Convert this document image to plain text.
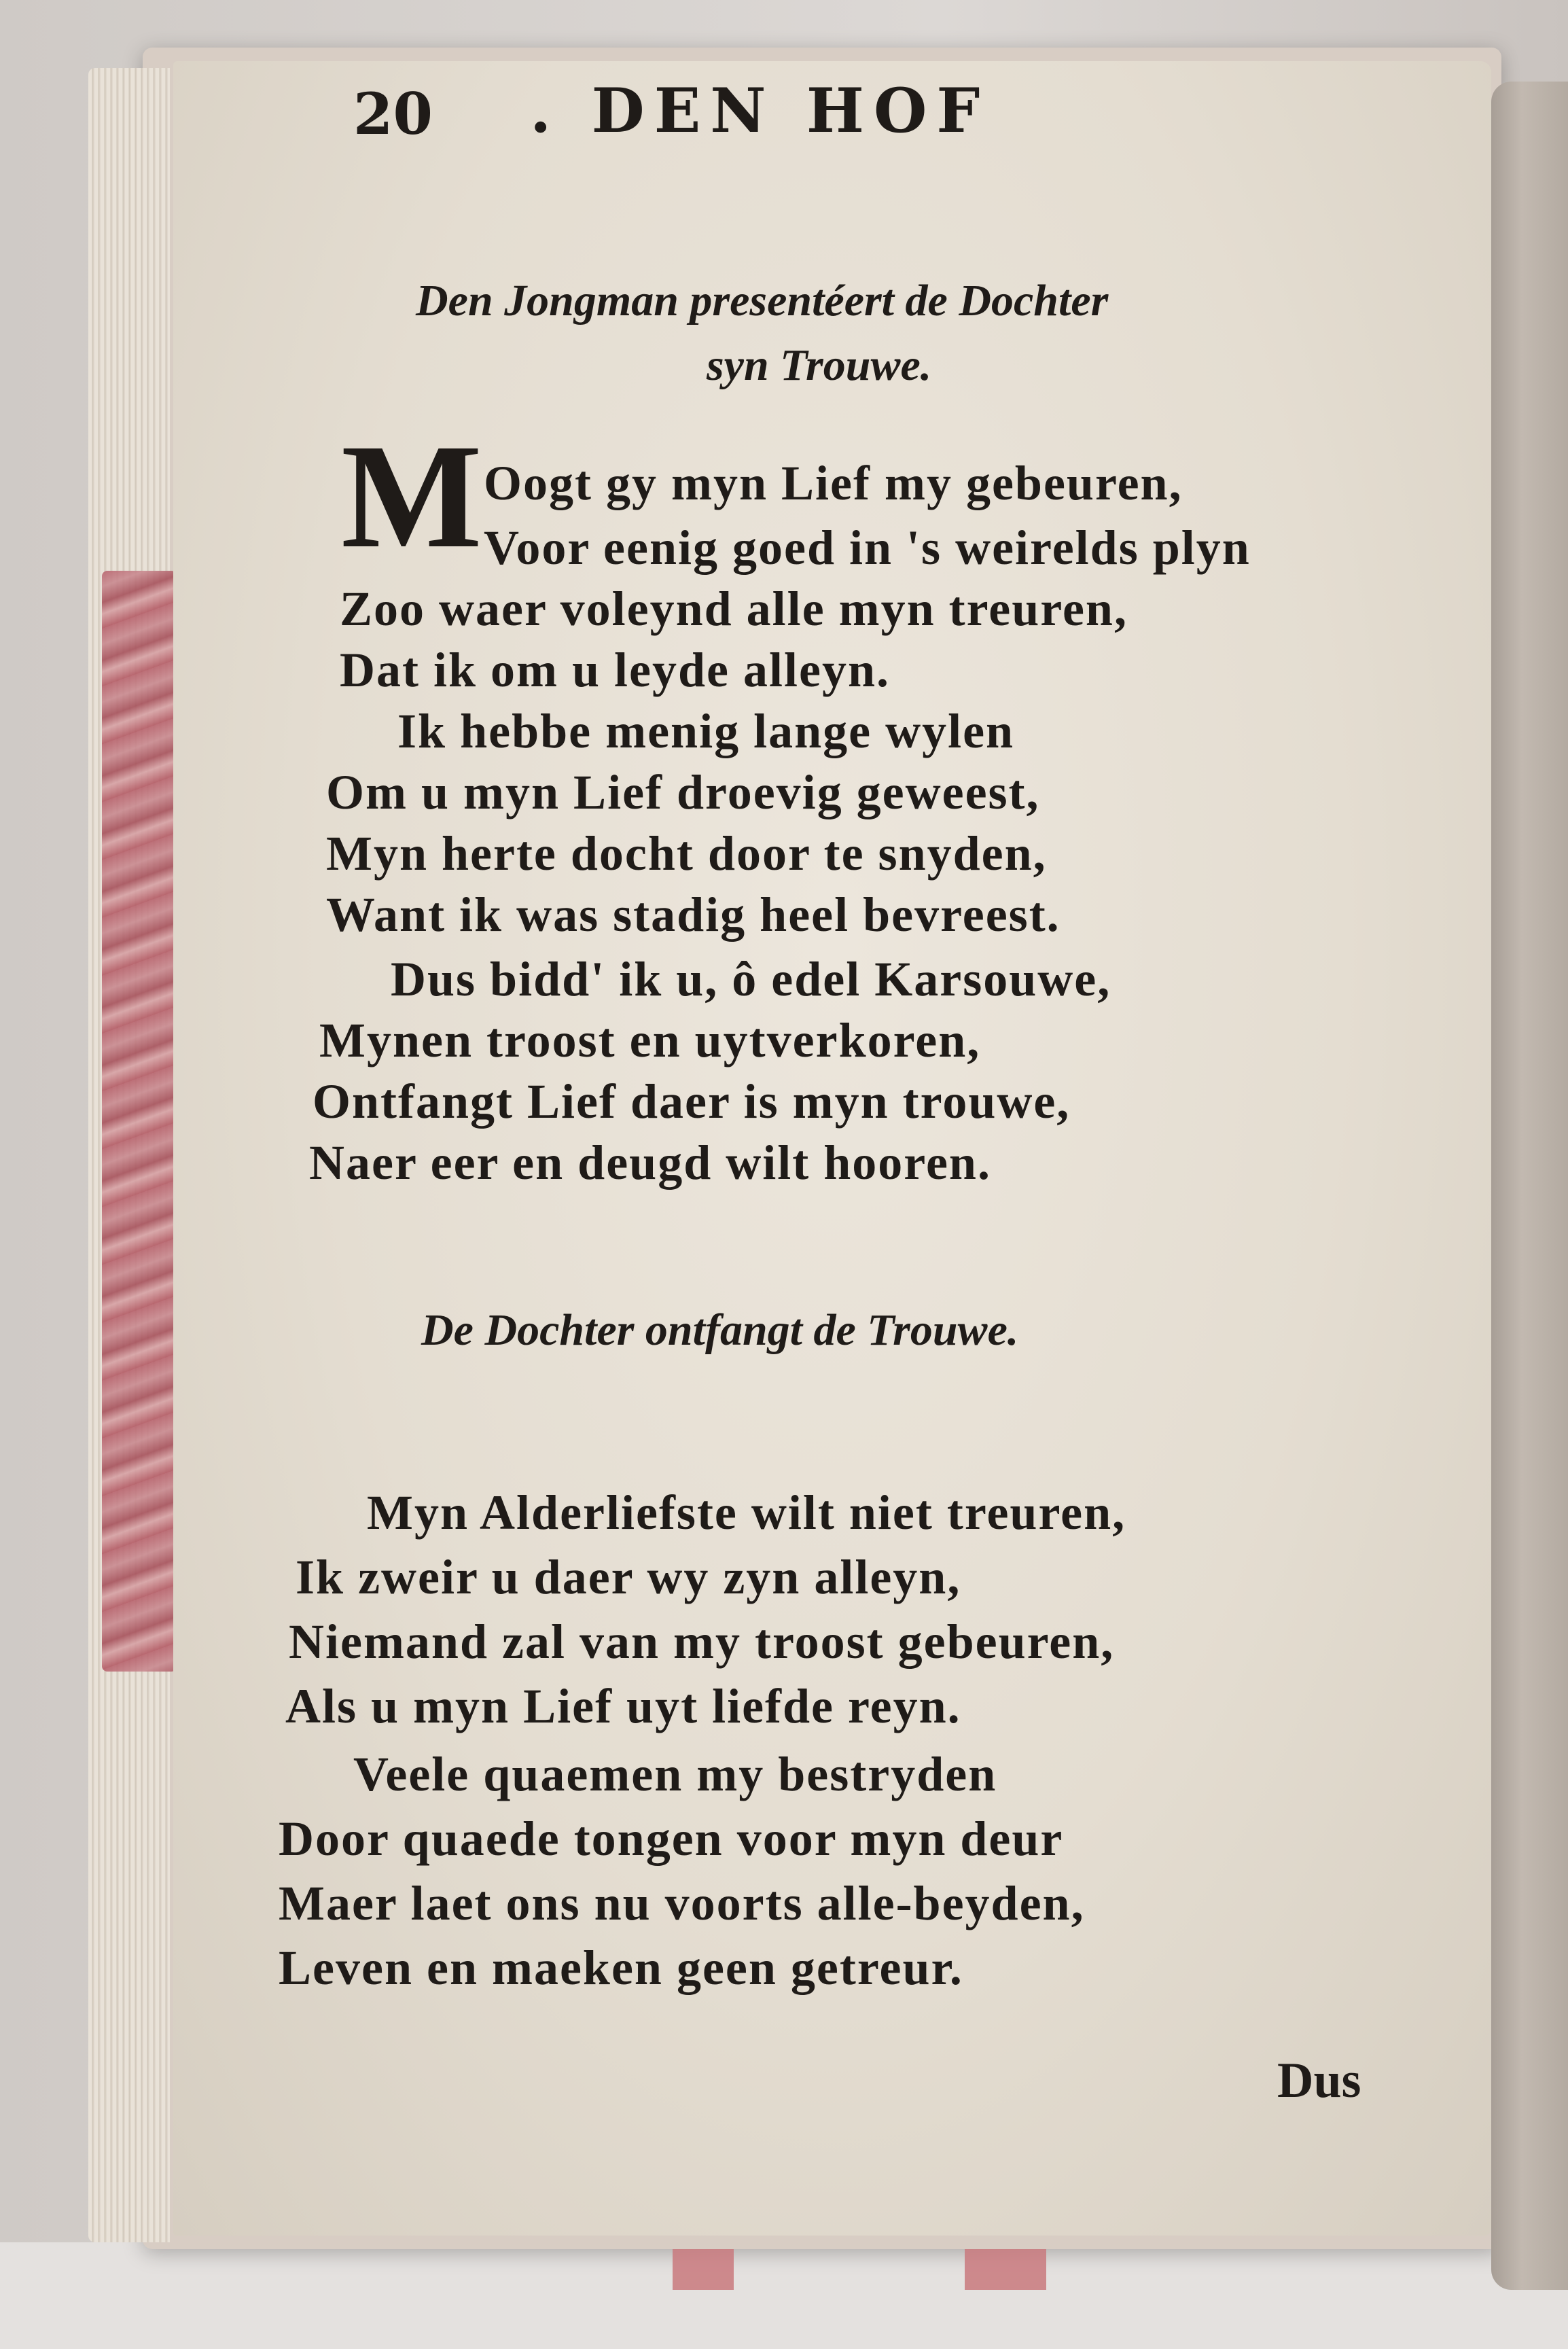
20 . DEN HOF
Den Jongman presentéert de Dochter
syn Trouwe.
M Oogt gy myn Lief my gebeuren,
Voor eenig goed in 's weirelds plyn
Zoo waer voleynd alle myn treuren,
Dat ik om u leyde alleyn.
Ik hebbe menig lange wylen
Om u myn Lief droevig geweest,
Myn herte docht door te snyden,
Want ik was stadig heel bevreest.
Dus bidd' ik u, ô edel Karsouwe,
Mynen troost en uytverkoren,
Ontfangt Lief daer is myn trouwe,
Naer eer en deugd wilt hooren.
De Dochter ontfangt de Trouwe.
Myn Alderliefste wilt niet treuren,
Ik zweir u daer wy zyn alleyn,
Niemand zal van my troost gebeuren,
Als u myn Lief uyt liefde reyn.
Veele quaemen my bestryden
Door quaede tongen voor myn deur
Maer laet ons nu voorts alle-beyden,
Leven en maeken geen getreur.
Dus
